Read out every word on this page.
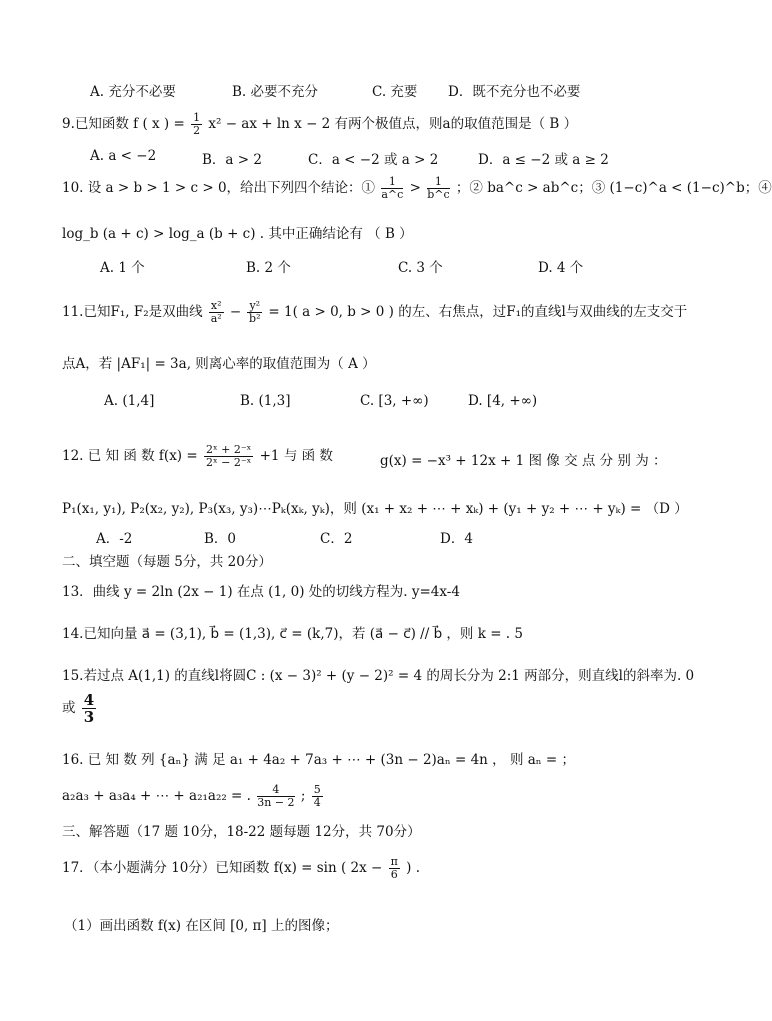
A. 充分不必要	B. 必要不充分	C. 充要 D．既不充分也不必要
9.已知函数 f ( x ) = $\frac{1}{2} x^2$ − ax + ln x − 2 有两个极值点，则a的取值范围是（ B ）
A. a < −2	B．a > 2	C．a < −2 或 a > 2	D．a ≤ −2 或 a ≥ 2
10. 设 a > b > 1 > c > 0，给出下列四个结论：① $\frac{1}{a\^{}c} > \frac{1}{b\^{}c}$ ；② ba^c > ab^c；③ (1−c)^a < (1−c)^b；④
log_b (a + c) > log_a (b + c) . 其中正确结论有 （ B ）
A. 1 个	B. 2 个	C. 3 个	D. 4 个
11.已知F₁, F₂是双曲线 $\frac{\text{x²}}{\text{a²}} - \frac{\text{y²}}{\text{b²}} = 1$( a > 0, b > 0 ) 的左、右焦点，过F₁的直线l与双曲线的左支交于
点A，若 |AF₁| = 3a, 则离心率的取值范围为（ A ）
A. (1,4]	B. (1,3]	C. [3, +∞)	D. [4, +∞)
12. 已 知 函 数 $f(x) = \frac{\text{2ˣ + 2⁻ˣ}}{\text{2ˣ − 2⁻ˣ}} +1$ 与 函 数	g(x) = −x³ + 12x + 1 图 像 交 点 分 别 为 ：
P₁(x₁, y₁), P₂(x₂, y₂), P₃(x₃, y₃)⋯Pₖ(xₖ, yₖ)，则 (x₁ + x₂ + ⋯ + xₖ) + (y₁ + y₂ + ⋯ + yₖ) = （D ）
A．-2	B．0	C．2	D．4
二、填空题（每题 5分，共 20分）
13．曲线 y = 2ln (2x − 1) 在点 (1, 0) 处的切线方程为. y=4x-4
14.已知向量 a⃗ = (3,1), b⃗ = (1,3), c⃗ = (k,7)，若 (a⃗ − c⃗) // b⃗ ，则 k = . 5
15.若过点 A(1,1) 的直线l将圆C : (x − 3)² + (y − 2)² = 4 的周长分为 2:1 两部分，则直线l的斜率为. 0
或 $\frac{4}{3}$
16. 已 知 数 列 {aₙ} 满 足 a₁ + 4a₂ + 7a₃ + ⋯ + (3n − 2)aₙ = 4n ， 则 aₙ = ；
a₂a₃ + a₃a₄ + ⋯ + a₂₁a₂₂ = . $\frac{4}{3n - 2}$ ; $\frac{5}{4}$
三、解答题（17 题 10分，18-22 题每题 12分，共 70分）
17．（本小题满分 10分）已知函数 f(x) = sin ( $2x - \frac{\pi}{6}$ ) .
（1）画出函数 f(x) 在区间 [0, π] 上的图像；
